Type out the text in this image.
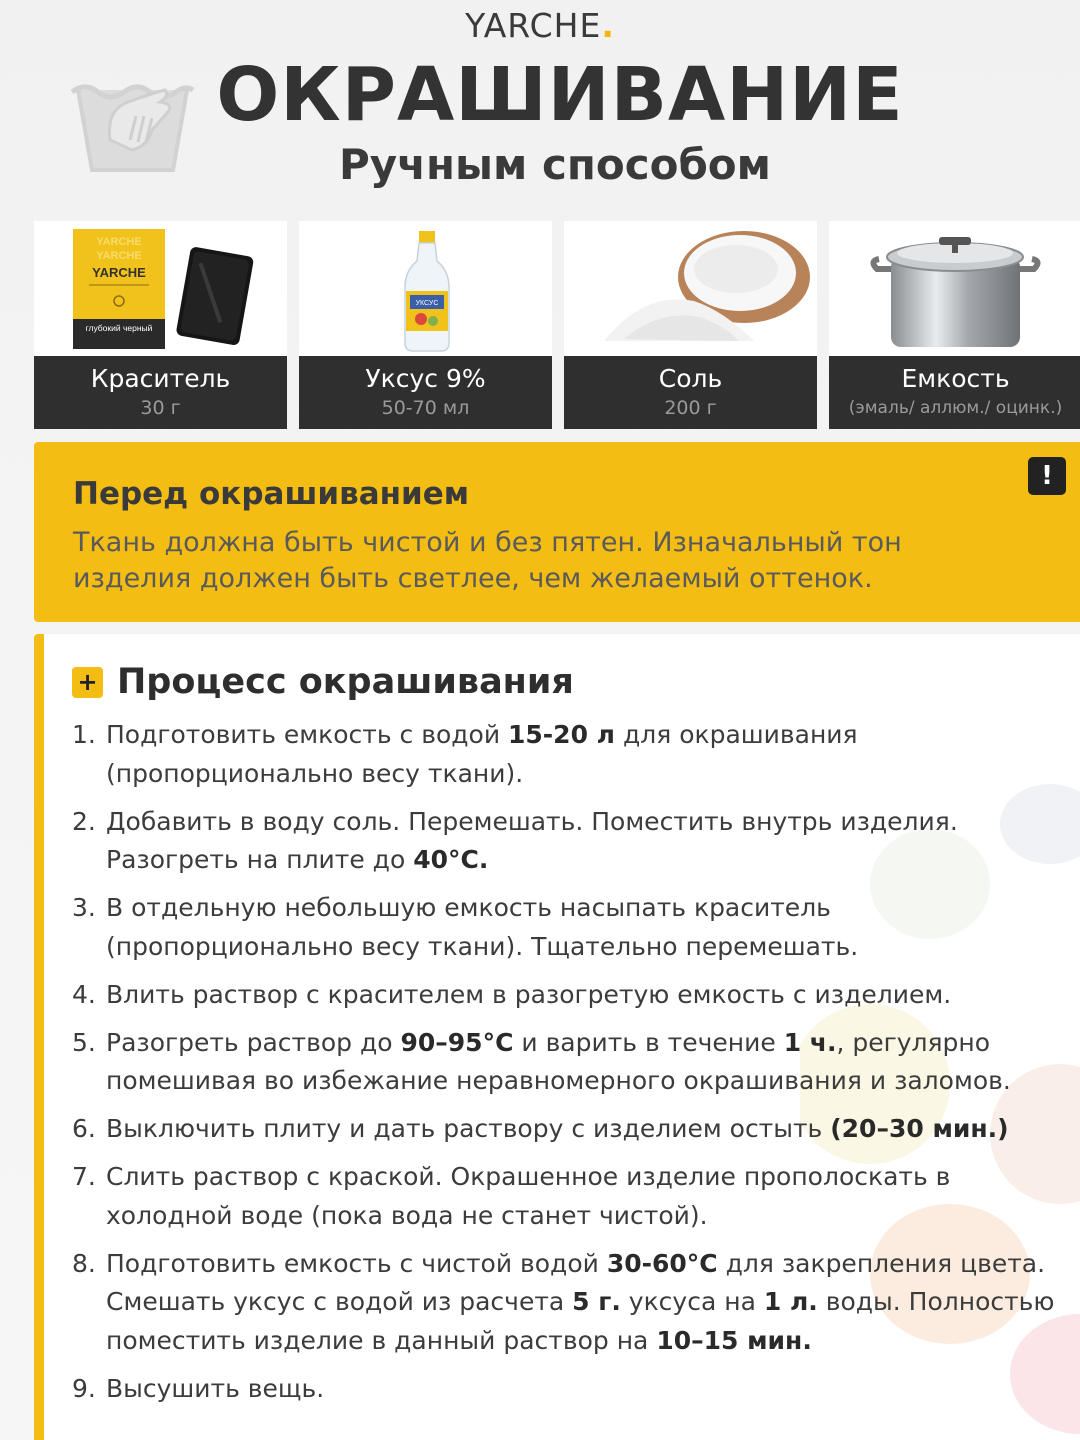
YARCHE.
ОКРАШИВАНИЕ
Ручным способом
YARCHE
YARCHE
YARCHE
глубокий черный
Краситель
30 г
УКСУС
Уксус 9%
50-70 мл
Соль
200 г
Емкость
(эмаль/ аллюм./ оцинк.)
!
Перед окрашиванием
Ткань должна быть чистой и без пятен. Изначальный тон изделия должен быть светлее, чем желаемый оттенок.
+ Процесс окрашивания
1. Подготовить емкость с водой 15-20 л для окрашивания (пропорционально весу ткани).
2. Добавить в воду соль. Перемешать. Поместить внутрь изделия. Разогреть на плите до 40°C.
3. В отдельную небольшую емкость насыпать краситель (пропорционально весу ткани). Тщательно перемешать.
4. Влить раствор с красителем в разогретую емкость с изделием.
5. Разогреть раствор до 90–95°С и варить в течение 1 ч., регулярно помешивая во избежание неравномерного окрашивания и заломов.
6. Выключить плиту и дать раствору с изделием остыть (20–30 мин.)
7. Слить раствор с краской. Окрашенное изделие прополоскать в холодной воде (пока вода не станет чистой).
8. Подготовить емкость с чистой водой 30-60°С для закрепления цвета. Смешать уксус с водой из расчета 5 г. уксуса на 1 л. воды. Полностью поместить изделие в данный раствор на 10–15 мин.
9. Высушить вещь.
